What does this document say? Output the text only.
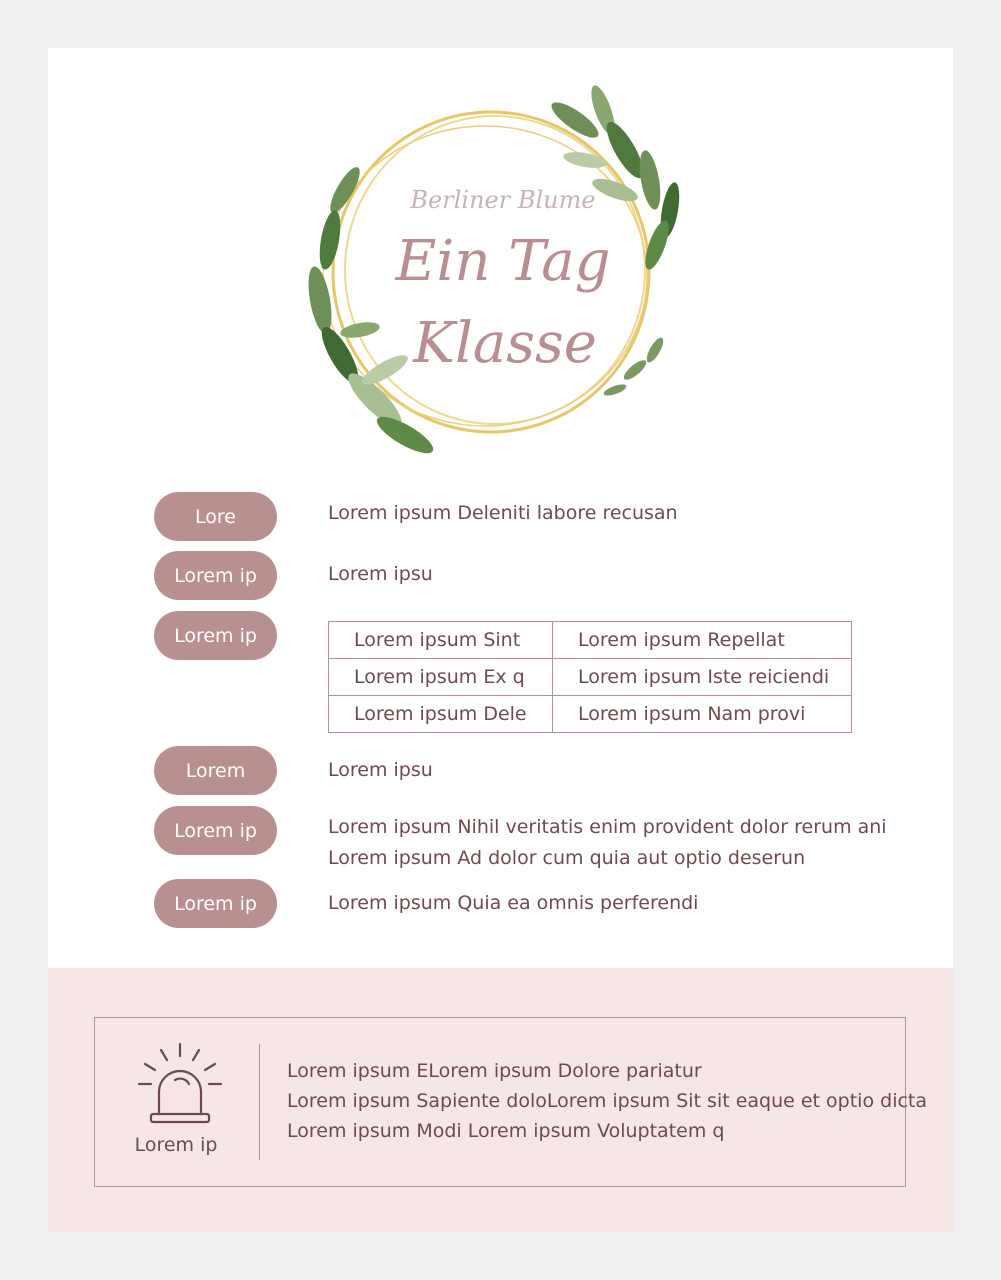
Berliner Blume
Ein Tag
Klasse
Lore	Lorem ipsum Deleniti labore recusan
Lorem ip	Lorem ipsu
Lorem ip	Lorem ipsum Sint	Lorem ipsum Repellat
Lorem ipsum Ex q	Lorem ipsum Iste reiciendi
Lorem ipsum Dele	Lorem ipsum Nam provi
Lorem	Lorem ipsu
Lorem ip	Lorem ipsum Nihil veritatis enim provident dolor rerum ani
Lorem ipsum Ad dolor cum quia aut optio deserun
Lorem ip	Lorem ipsum Quia ea omnis perferendi
Lorem ip
Lorem ipsum ELorem ipsum Dolore pariatur
Lorem ipsum Sapiente doloLorem ipsum Sit sit eaque et optio dicta
Lorem ipsum Modi Lorem ipsum Voluptatem q
